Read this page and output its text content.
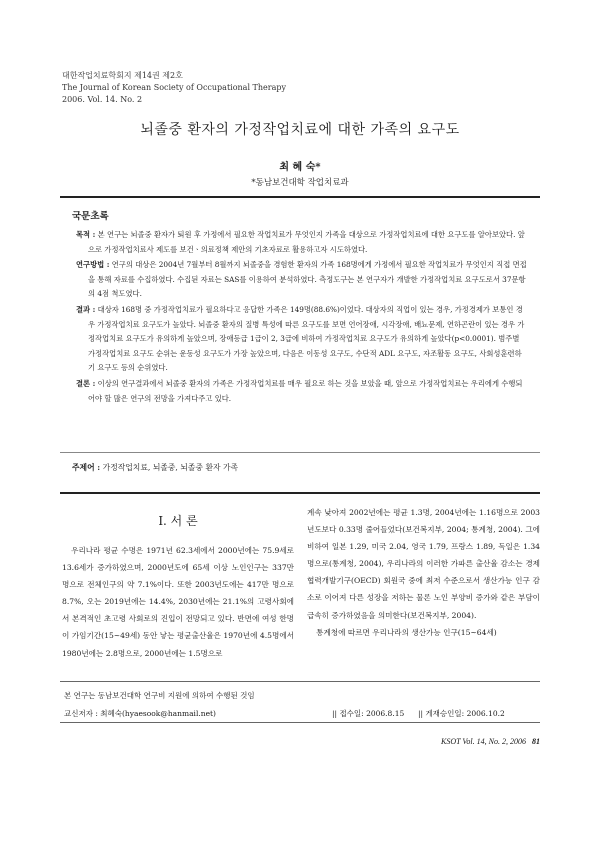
대한작업치료학회지 제14권 제2호
The Journal of Korean Society of Occupational Therapy
2006. Vol. 14. No. 2
뇌졸중 환자의 가정작업치료에 대한 가족의 요구도
최 혜 숙*
*동남보건대학 작업치료과
국문초록

목적 : 본 연구는 뇌졸중 환자가 퇴원 후 가정에서 필요한 작업치료가 무엇인지 가족을 대상으로 가정작업치료에 대한 요구도를 알아보았다. 앞으로 가정작업치료사 제도를 보건ㆍ의료정책 제안의 기초자료로 활용하고자 시도하였다.

연구방법 : 연구의 대상은 2004년 7월부터 8월까지 뇌졸중을 경험한 환자의 가족 168명에게 가정에서 필요한 작업치료가 무엇인지 직접 면접을 통해 자료를 수집하였다. 수집된 자료는 SAS를 이용하여 분석하였다. 측정도구는 본 연구자가 개발한 가정작업치료 요구도로서 37문항의 4점 척도였다.

결과 : 대상자 168명 중 가정작업치료가 필요하다고 응답한 가족은 149명(88.6%)이었다. 대상자의 직업이 있는 경우, 가정경제가 보통인 경우 가정작업치료 요구도가 높았다. 뇌졸중 환자의 질병 특성에 따른 요구도를 보면 언어장애, 시각장애, 배뇨문제, 연하곤란이 있는 경우 가정작업치료 요구도가 유의하게 높았으며, 장애등급 1급이 2, 3급에 비하여 가정작업치료 요구도가 유의하게 높았다(p<0.0001). 범주별 가정작업치료 요구도 순위는 운동성 요구도가 가장 높았으며, 다음은 이동성 요구도, 수단적 ADL 요구도, 자조활동 요구도, 사회성훈련하기 요구도 등의 순위였다.

결론 : 이상의 연구결과에서 뇌졸중 환자의 가족은 가정작업치료를 매우 필요로 하는 것을 보았을 때, 앞으로 가정작업치료는 우리에게 수행되어야 할 많은 연구의 전망을 가져다주고 있다.

주제어 : 가정작업치료, 뇌졸중, 뇌졸중 환자 가족
I. 서 론

우리나라 평균 수명은 1971년 62.3세에서 2000년에는 75.9세로 13.6세가 증가하였으며, 2000년도에 65세 이상 노인인구는 337만 명으로 전체인구의 약 7.1%이다. 또한 2003년도에는 417만 명으로 8.7%, 오는 2019년에는 14.4%, 2030년에는 21.1%의 고령사회에서 본격적인 초고령 사회로의 진입이 전망되고 있다. 반면에 여성 한명이 가임기간(15~49세) 동안 낳는 평균출산율은 1970년에 4.5명에서 1980년에는 2.8명으로, 2000년에는 1.5명으로

계속 낮아져 2002년에는 평균 1.3명, 2004년에는 1.16명으로 2003년도보다 0.33명 줄어들었다(보건복지부, 2004; 통계청, 2004). 그에 비하여 일본 1.29, 미국 2.04, 영국 1.79, 프랑스 1.89, 독일은 1.34명으로(통계청, 2004), 우리나라의 이러한 가파른 출산율 감소는 경제협력개발기구(OECD) 회원국 중에 최저 수준으로서 생산가능 인구 감소로 이어져 다른 성장을 저하는 물론 노인 부양비 증가와 같은 부담이 급속히 증가하였음을 의미한다(보건복지부, 2004).

통계청에 따르면 우리나라의 생산가능 인구(15~64세)

본 연구는 동남보건대학 연구비 지원에 의하여 수행된 것임
교신저자 : 최혜숙(hyaesook@hanmail.net)	|| 접수일: 2006.8.15 || 게재승인일: 2006.10.2
KSOT Vol. 14, No. 2, 2006 81
